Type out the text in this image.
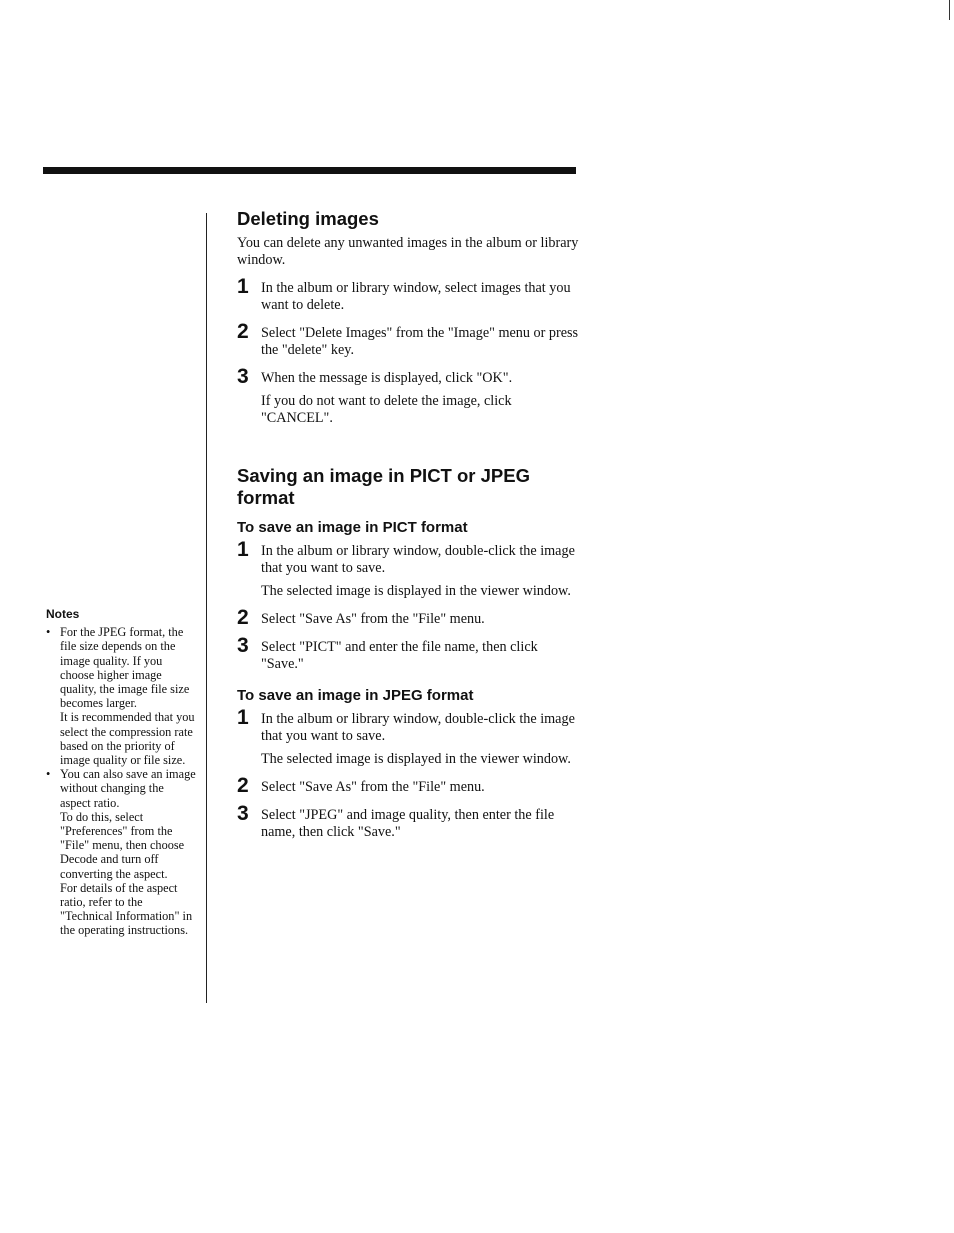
Notes
• For the JPEG format, the file size depends on the image quality. If you choose higher image quality, the image file size becomes larger.

It is recommended that you select the compression rate based on the priority of image quality or file size.

• You can also save an image without changing the aspect ratio.

To do this, select "Preferences" from the "File" menu, then choose Decode and turn off converting the aspect.

For details of the aspect ratio, refer to the "Technical Information" in the operating instructions.

Deleting images

You can delete any unwanted images in the album or library window.

1 In the album or library window, select images that you want to delete.

2 Select "Delete Images" from the "Image" menu or press the "delete" key.

3 When the message is displayed, click "OK".

If you do not want to delete the image, click "CANCEL".

Saving an image in PICT or JPEG format
To save an image in PICT format
1 In the album or library window, double-click the image that you want to save.

The selected image is displayed in the viewer window.

2 Select "Save As" from the "File" menu.

3 Select "PICT" and enter the file name, then click "Save."

To save an image in JPEG format
1 In the album or library window, double-click the image that you want to save.

The selected image is displayed in the viewer window.

2 Select "Save As" from the "File" menu.

3 Select "JPEG" and image quality, then enter the file name, then click "Save."
